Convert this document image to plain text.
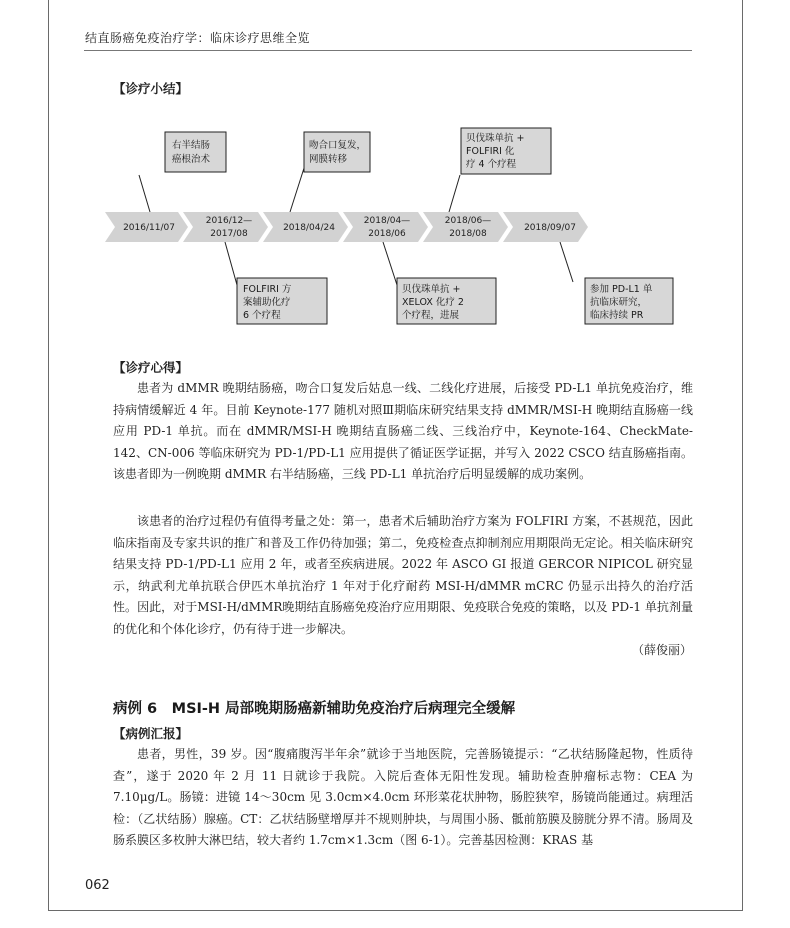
结直肠癌免疫治疗学：临床诊疗思维全览
【诊疗小结】
2016/11/07
2016/12—
2017/08
2018/04/24
2018/04—
2018/06
2018/06—
2018/08
2018/09/07
右半结肠
癌根治术
吻合口复发，
网膜转移
贝伐珠单抗 +
FOLFIRI 化
疗 4 个疗程
FOLFIRI 方
案辅助化疗
6 个疗程
贝伐珠单抗 +
XELOX 化疗 2
个疗程，进展
参加 PD-L1 单
抗临床研究，
临床持续 PR
【诊疗心得】

患者为 dMMR 晚期结肠癌，吻合口复发后姑息一线、二线化疗进展，后接受 PD-L1 单抗免疫治疗，维持病情缓解近 4 年。目前 Keynote-177 随机对照Ⅲ期临床研究结果支持 dMMR/MSI-H 晚期结直肠癌一线应用 PD-1 单抗。而在 dMMR/MSI-H 晚期结直肠癌二线、三线治疗中，Keynote-164、CheckMate-142、CN-006 等临床研究为 PD-1/PD-L1 应用提供了循证医学证据，并写入 2022 CSCO 结直肠癌指南。该患者即为一例晚期 dMMR 右半结肠癌，三线 PD-L1 单抗治疗后明显缓解的成功案例。

该患者的治疗过程仍有值得考量之处：第一，患者术后辅助治疗方案为 FOLFIRI 方案，不甚规范，因此临床指南及专家共识的推广和普及工作仍待加强；第二，免疫检查点抑制剂应用期限尚无定论。相关临床研究结果支持 PD-1/PD-L1 应用 2 年，或者至疾病进展。2022 年 ASCO GI 报道 GERCOR NIPICOL 研究显示，纳武利尤单抗联合伊匹木单抗治疗 1 年对于化疗耐药 MSI-H/dMMR mCRC 仍显示出持久的治疗活性。因此，对于MSI-H/dMMR晚期结直肠癌免疫治疗应用期限、免疫联合免疫的策略，以及 PD-1 单抗剂量的优化和个体化诊疗，仍有待于进一步解决。

（薛俊丽）
病例 6　MSI-H 局部晚期肠癌新辅助免疫治疗后病理完全缓解
【病例汇报】

患者，男性，39 岁。因“腹痛腹泻半年余”就诊于当地医院，完善肠镜提示：“乙状结肠隆起物，性质待查”，遂于 2020 年 2 月 11 日就诊于我院。入院后查体无阳性发现。辅助检查肿瘤标志物：CEA 为 7.10μg/L。肠镜：进镜 14～30cm 见 3.0cm×4.0cm 环形菜花状肿物，肠腔狭窄，肠镜尚能通过。病理活检：（乙状结肠）腺癌。CT：乙状结肠壁增厚并不规则肿块，与周围小肠、骶前筋膜及膀胱分界不清。肠周及肠系膜区多枚肿大淋巴结，较大者约 1.7cm×1.3cm（图 6-1）。完善基因检测：KRAS 基

062
